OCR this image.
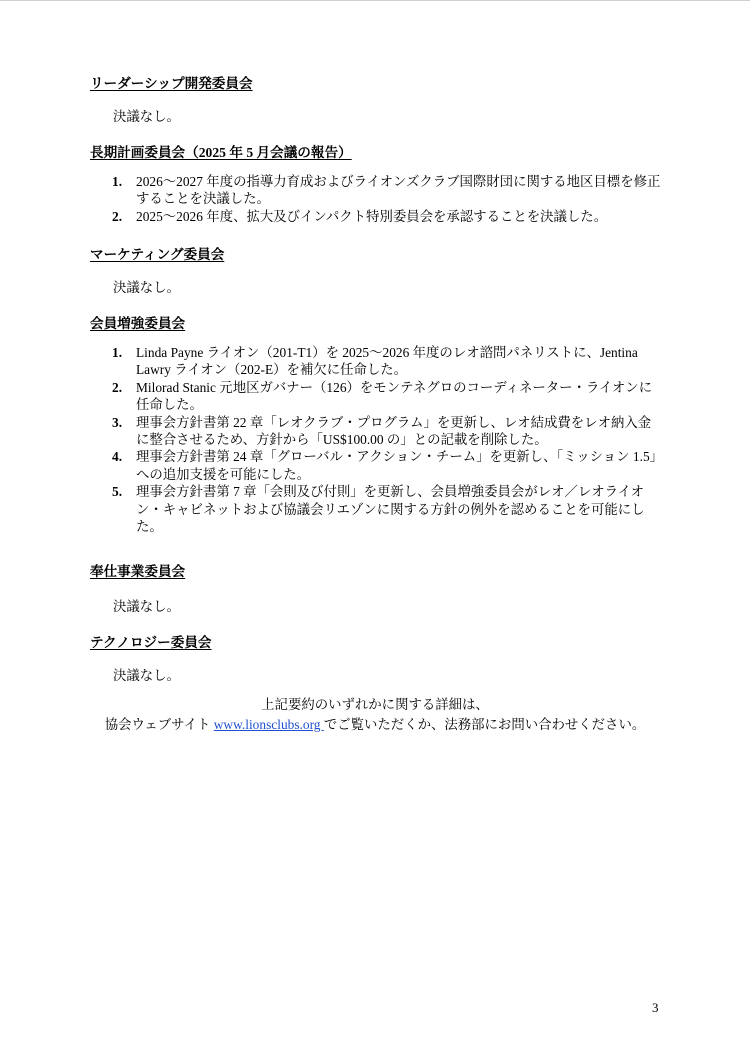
リーダーシップ開発委員会
決議なし。
長期計画委員会（2025 年 5 月会議の報告）
1. 2026～2027 年度の指導力育成およびライオンズクラブ国際財団に関する地区目標を修正することを決議した。
2. 2025～2026 年度、拡大及びインパクト特別委員会を承認することを決議した。
マーケティング委員会
決議なし。
会員増強委員会
1. Linda Payne ライオン（201-T1）を 2025～2026 年度のレオ諮問パネリストに、Jentina Lawry ライオン（202-E）を補欠に任命した。
2. Milorad Stanic 元地区ガバナー（126）をモンテネグロのコーディネーター・ライオンに任命した。
3. 理事会方針書第 22 章「レオクラブ・プログラム」を更新し、レオ結成費をレオ納入金に整合させるため、方針から「US$100.00 の」との記載を削除した。
4. 理事会方針書第 24 章「グローバル・アクション・チーム」を更新し、「ミッション 1.5」への追加支援を可能にした。
5. 理事会方針書第 7 章「会則及び付則」を更新し、会員増強委員会がレオ／レオライオン・キャビネットおよび協議会リエゾンに関する方針の例外を認めることを可能にした。
奉仕事業委員会
決議なし。
テクノロジー委員会
決議なし。
上記要約のいずれかに関する詳細は、
協会ウェブサイト www.lionsclubs.org でご覧いただくか、法務部にお問い合わせください。
3
